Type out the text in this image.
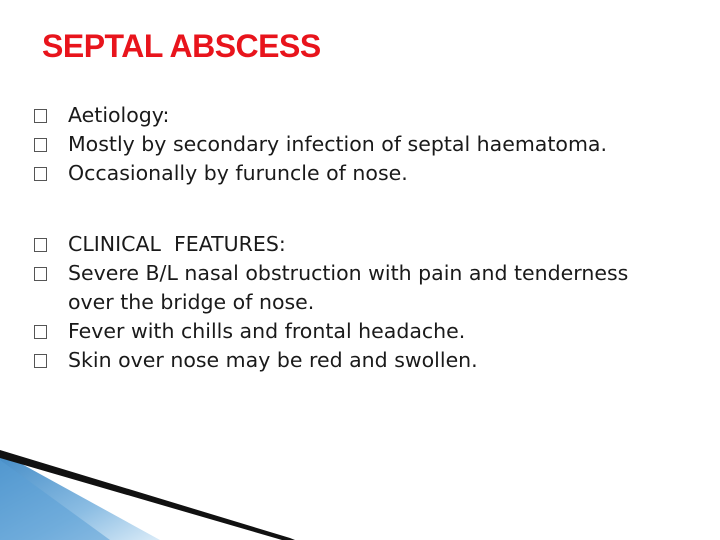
SEPTAL ABSCESS

Aetiology:

Mostly by secondary infection of septal haematoma.

Occasionally by furuncle of nose.

CLINICAL  FEATURES:

Severe B/L nasal obstruction with pain and tenderness over the bridge of nose.

Fever with chills and frontal headache.

Skin over nose may be red and swollen.
